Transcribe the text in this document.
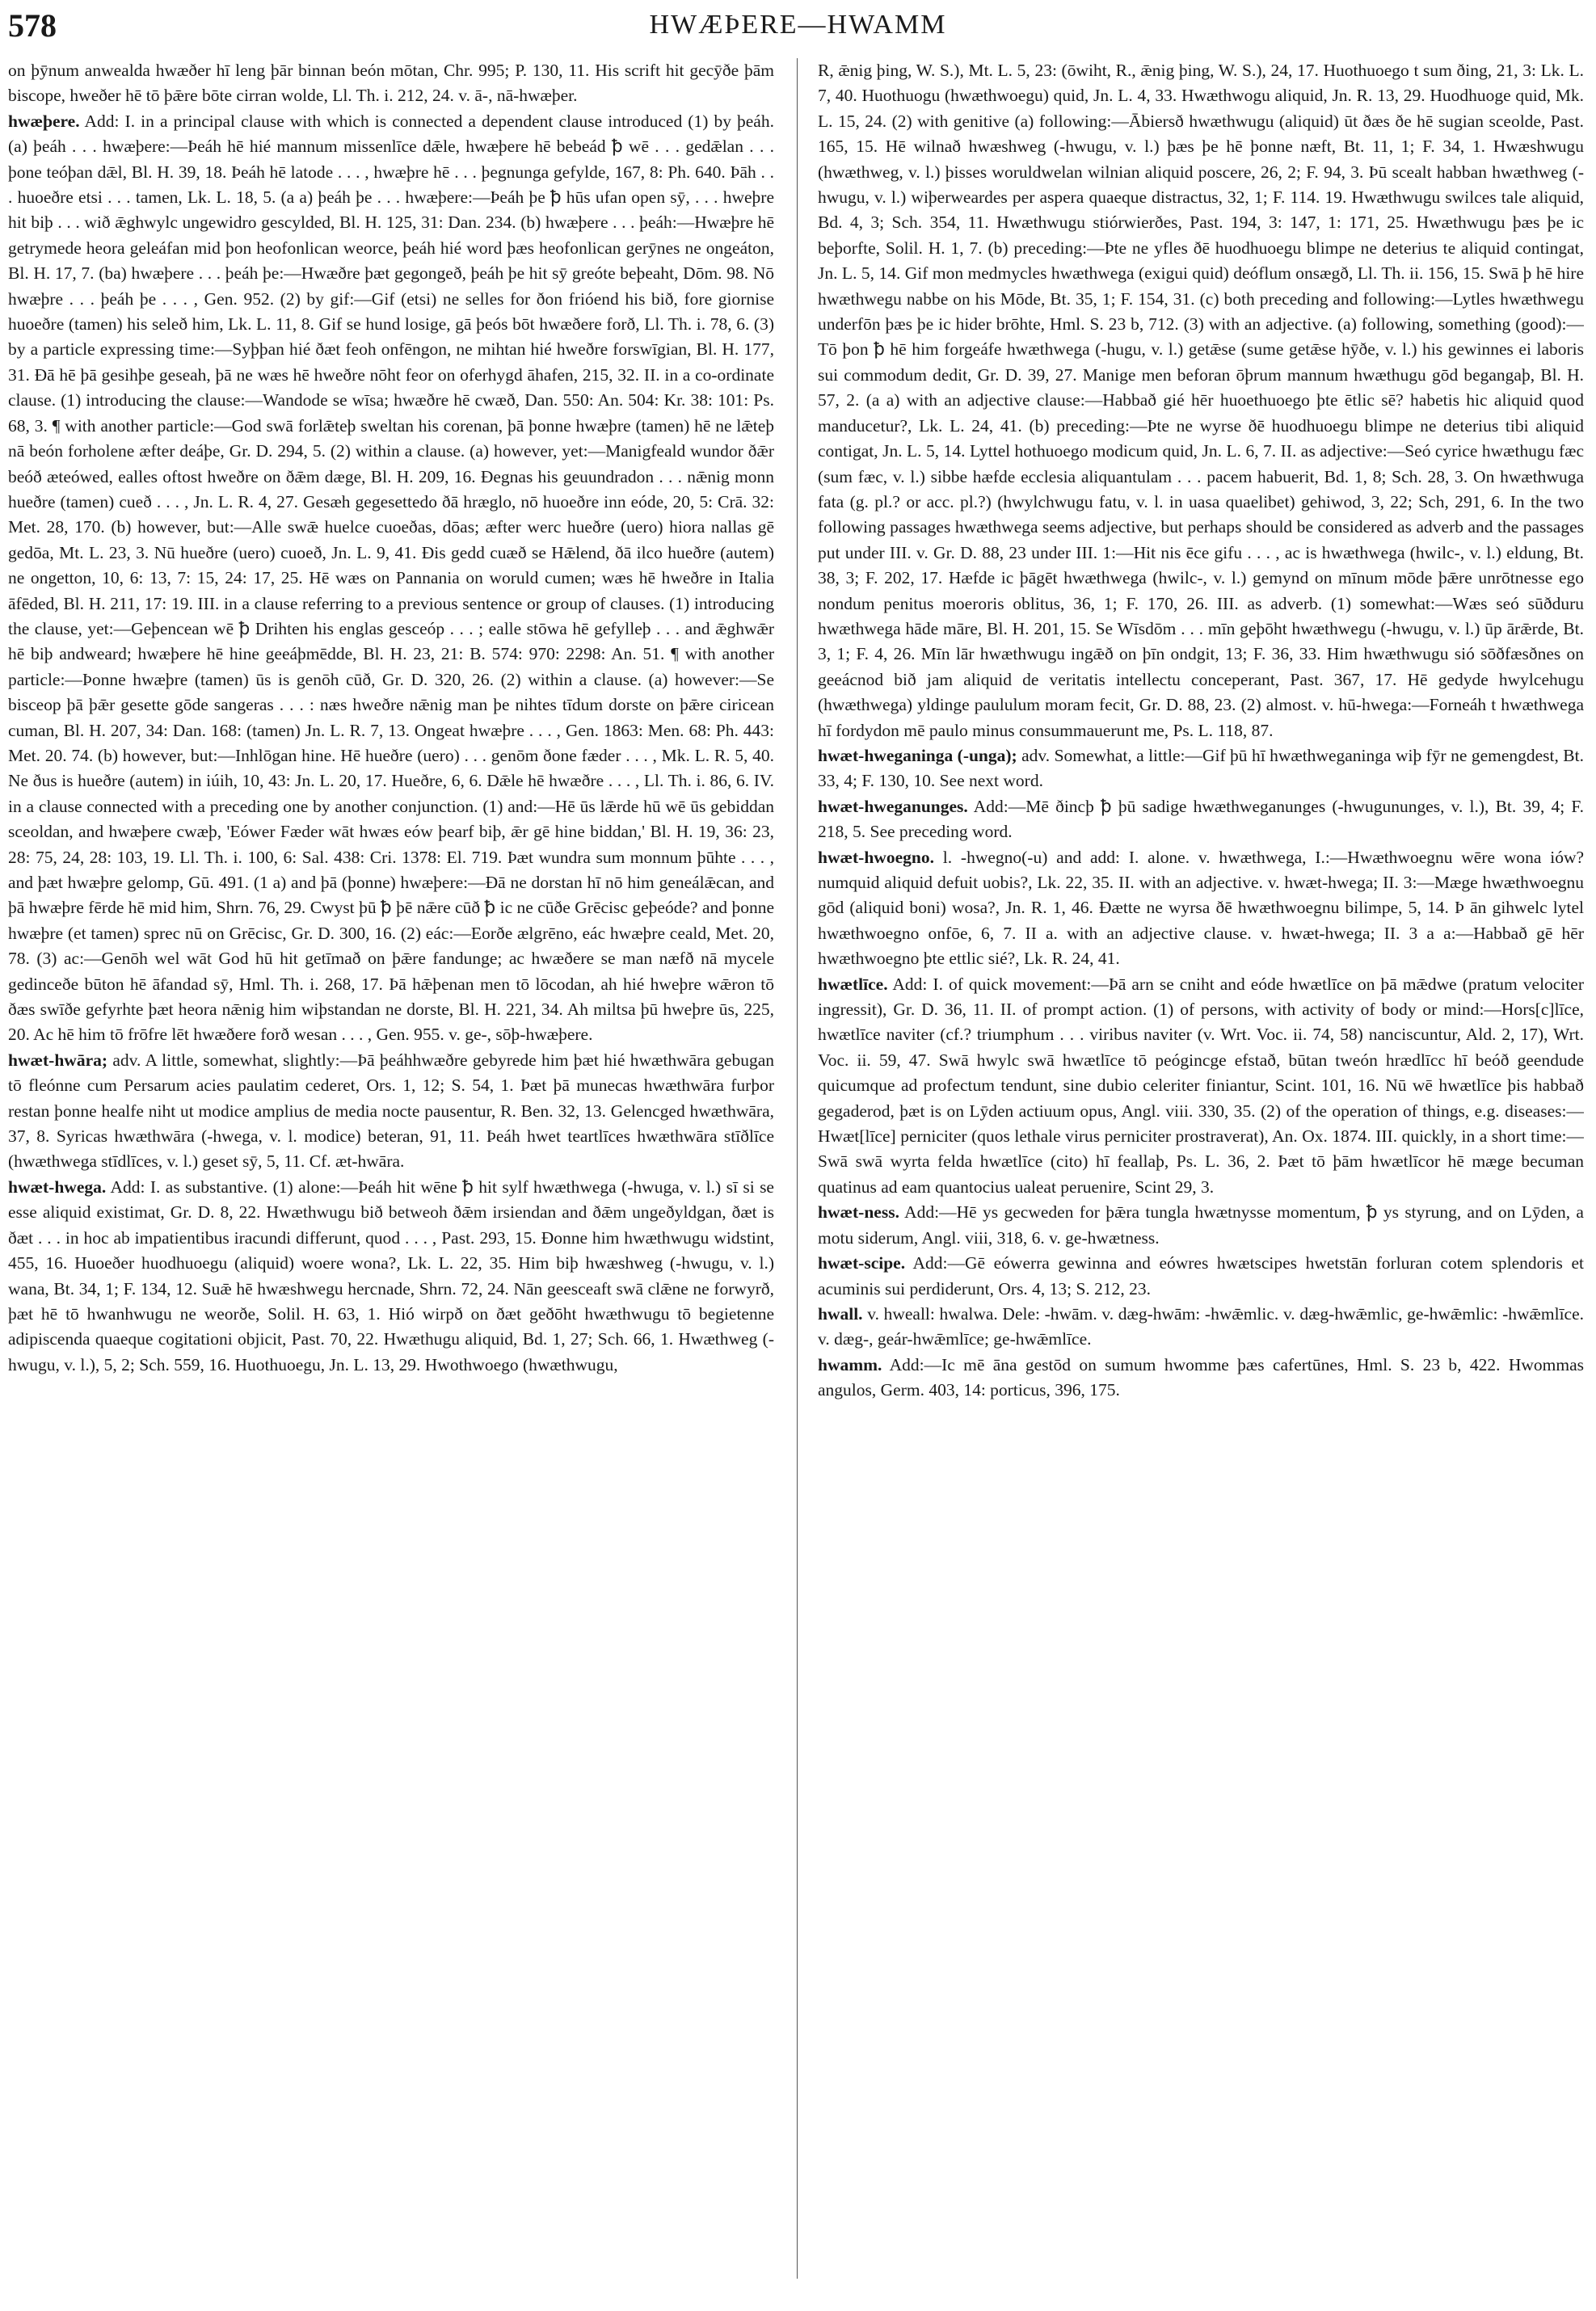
578	HWÆÞERE—HWAMM

on þȳnum anwealda hwæðer hī leng þār binnan beón mōtan, Chr. 995; P. 130, 11. His scrift hit gecȳðe þām biscope, hweðer hē tō þǣre bōte cirran wolde, Ll. Th. i. 212, 24. v. ā-, nā-hwæþer.

hwæþere. Add: I. in a principal clause with which is connected a dependent clause introduced (1) by þeáh. (a) þeáh . . . hwæþere:—Þeáh hē hié mannum missenlīce dǣle, hwæþere hē bebeád ꝥ wē . . . gedǣlan . . . þone teóþan dǣl, Bl. H. 39, 18. Þeáh hē latode . . . , hwæþre hē . . . þegnunga gefylde, 167, 8: Ph. 640. Þāh . . . huoeðre etsi . . . tamen, Lk. L. 18, 5. (a a) þeáh þe . . . hwæþere:—Þeáh þe ꝥ hūs ufan open sȳ, . . . hweþre hit biþ . . . wið ǣghwylc ungewidro gescylded, Bl. H. 125, 31: Dan. 234. (b) hwæþere . . . þeáh:—Hwæþre hē getrymede heora geleáfan mid þon heofonlican weorce, þeáh hié word þæs heofonlican gerȳnes ne ongeáton, Bl. H. 17, 7. (ba) hwæþere . . . þeáh þe:—Hwæðre þæt gegongeð, þeáh þe hit sȳ greóte beþeaht, Dōm. 98. Nō hwæþre . . . þeáh þe . . . , Gen. 952. (2) by gif:—Gif (etsi) ne selles for ðon frióend his bið, fore giornise huoeðre (tamen) his seleð him, Lk. L. 11, 8. Gif se hund losige, gā þeós bōt hwæðere forð, Ll. Th. i. 78, 6. (3) by a particle expressing time:—Syþþan hié ðæt feoh onfēngon, ne mihtan hié hweðre forswīgian, Bl. H. 177, 31. Ðā hē þā gesihþe geseah, þā ne wæs hē hweðre nōht feor on oferhygd āhafen, 215, 32. II. in a co-ordinate clause. (1) introducing the clause:—Wandode se wīsa; hwæðre hē cwæð, Dan. 550: An. 504: Kr. 38: 101: Ps. 68, 3. ¶ with another particle:—God swā forlǣteþ sweltan his corenan, þā þonne hwæþre (tamen) hē ne lǣteþ nā beón forholene æfter deáþe, Gr. D. 294, 5. (2) within a clause. (a) however, yet:—Manigfeald wundor ðǣr beóð æteówed, ealles oftost hweðre on ðǣm dæge, Bl. H. 209, 16. Ðegnas his geuundradon . . . nǣnig monn hueðre (tamen) cueð . . . , Jn. L. R. 4, 27. Gesæh gegesettedo ðā hræglo, nō huoeðre inn eóde, 20, 5: Crā. 32: Met. 28, 170. (b) however, but:—Alle swǣ huelce cuoeðas, dōas; æfter werc hueðre (uero) hiora nallas gē gedōa, Mt. L. 23, 3. Nū hueðre (uero) cuoeð, Jn. L. 9, 41. Ðis gedd cuæð se Hǣlend, ðā ilco hueðre (autem) ne ongetton, 10, 6: 13, 7: 15, 24: 17, 25. Hē wæs on Pannania on woruld cumen; wæs hē hweðre in Italia āfēded, Bl. H. 211, 17: 19. III. in a clause referring to a previous sentence or group of clauses. (1) introducing the clause, yet:—Geþencean wē ꝥ Drihten his englas gesceóp . . . ; ealle stōwa hē gefylleþ . . . and ǣghwǣr hē biþ andweard; hwæþere hē hine geeáþmēdde, Bl. H. 23, 21: B. 574: 970: 2298: An. 51. ¶ with another particle:—Þonne hwæþre (tamen) ūs is genōh cūð, Gr. D. 320, 26. (2) within a clause. (a) however:—Se bisceop þā þǣr gesette gōde sangeras . . . : næs hweðre nǣnig man þe nihtes tīdum dorste on þǣre ciricean cuman, Bl. H. 207, 34: Dan. 168: (tamen) Jn. L. R. 7, 13. Ongeat hwæþre . . . , Gen. 1863: Men. 68: Ph. 443: Met. 20. 74. (b) however, but:—Inhlōgan hine. Hē hueðre (uero) . . . genōm ðone fæder . . . , Mk. L. R. 5, 40. Ne ðus is hueðre (autem) in iúih, 10, 43: Jn. L. 20, 17. Hueðre, 6, 6. Dǣle hē hwæðre . . . , Ll. Th. i. 86, 6. IV. in a clause connected with a preceding one by another conjunction. (1) and:—Hē ūs lǣrde hū wē ūs gebiddan sceoldan, and hwæþere cwæþ, 'Eówer Fæder wāt hwæs eów þearf biþ, ǣr gē hine biddan,' Bl. H. 19, 36: 23, 28: 75, 24, 28: 103, 19. Ll. Th. i. 100, 6: Sal. 438: Cri. 1378: El. 719. Þæt wundra sum monnum þūhte . . . , and þæt hwæþre gelomp, Gū. 491. (1 a) and þā (þonne) hwæþere:—Ðā ne dorstan hī nō him geneálǣcan, and þā hwæþre fērde hē mid him, Shrn. 76, 29. Cwyst þū ꝥ þē nǣre cūð ꝥ ic ne cūðe Grēcisc geþeóde? and þonne hwæþre (et tamen) sprec nū on Grēcisc, Gr. D. 300, 16. (2) eác:—Eorðe ælgrēno, eác hwæþre ceald, Met. 20, 78. (3) ac:—Genōh wel wāt God hū hit getīmað on þǣre fandunge; ac hwæðere se man næfð nā mycele gedinceðe būton hē āfandad sȳ, Hml. Th. i. 268, 17. Þā hǣþenan men tō lōcodan, ah hié hweþre wǣron tō ðæs swīðe gefyrhte þæt heora nǣnig him wiþstandan ne dorste, Bl. H. 221, 34. Ah miltsa þū hweþre ūs, 225, 20. Ac hē him tō frōfre lēt hwæðere forð wesan . . . , Gen. 955. v. ge-, sōþ-hwæþere.

hwæt-hwāra; adv. A little, somewhat, slightly:—Þā þeáhhwæðre gebyrede him þæt hié hwæthwāra gebugan tō fleónne cum Persarum acies paulatim cederet, Ors. 1, 12; S. 54, 1. Þæt þā munecas hwæthwāra furþor restan þonne healfe niht ut modice amplius de media nocte pausentur, R. Ben. 32, 13. Gelencged hwæthwāra, 37, 8. Syricas hwæthwāra (-hwega, v. l. modice) beteran, 91, 11. Þeáh hwet teartlīces hwæthwāra stīðlīce (hwæthwega stīdlīces, v. l.) geset sȳ, 5, 11. Cf. æt-hwāra.

hwæt-hwega. Add: I. as substantive. (1) alone:—Þeáh hit wēne ꝥ hit sylf hwæthwega (-hwuga, v. l.) sī si se esse aliquid existimat, Gr. D. 8, 22. Hwæthwugu bið betweoh ðǣm irsiendan and ðǣm ungeðyldgan, ðæt is ðæt . . . in hoc ab impatientibus iracundi differunt, quod . . . , Past. 293, 15. Ðonne him hwæthwugu widstint, 455, 16. Huoeðer huodhuoegu (aliquid) woere wona?, Lk. L. 22, 35. Him biþ hwæshweg (-hwugu, v. l.) wana, Bt. 34, 1; F. 134, 12. Suǣ hē hwæshwegu hercnade, Shrn. 72, 24. Nān geesceaft swā clǣne ne forwyrð, þæt hē tō hwanhwugu ne weorðe, Solil. H. 63, 1. Hió wirpð on ðæt geðōht hwæthwugu tō begietenne adipiscenda quaeque cogitationi objicit, Past. 70, 22. Hwæthugu aliquid, Bd. 1, 27; Sch. 66, 1. Hwæthweg (-hwugu, v. l.), 5, 2; Sch. 559, 16. Huothuoegu, Jn. L. 13, 29. Hwothwoego (hwæthwugu,

R, ǣnig þing, W. S.), Mt. L. 5, 23: (ōwiht, R., ǣnig þing, W. S.), 24, 17. Huothuoego t sum ðing, 21, 3: Lk. L. 7, 40. Huothuogu (hwæthwoegu) quid, Jn. L. 4, 33. Hwæthwogu aliquid, Jn. R. 13, 29. Huodhuoge quid, Mk. L. 15, 24. (2) with genitive (a) following:—Ābiersð hwæthwugu (aliquid) ūt ðæs ðe hē sugian sceolde, Past. 165, 15. Hē wilnað hwæshweg (-hwugu, v. l.) þæs þe hē þonne næft, Bt. 11, 1; F. 34, 1. Hwæshwugu (hwæthweg, v. l.) þisses woruldwelan wilnian aliquid poscere, 26, 2; F. 94, 3. Þū scealt habban hwæthweg (-hwugu, v. l.) wiþerweardes per aspera quaeque distractus, 32, 1; F. 114. 19. Hwæthwugu swilces tale aliquid, Bd. 4, 3; Sch. 354, 11. Hwæthwugu stiórwierðes, Past. 194, 3: 147, 1: 171, 25. Hwæthwugu þæs þe ic beþorfte, Solil. H. 1, 7. (b) preceding:—Þte ne yfles ðē huodhuoegu blimpe ne deterius te aliquid contingat, Jn. L. 5, 14. Gif mon medmycles hwæthwega (exigui quid) deóflum onsægð, Ll. Th. ii. 156, 15. Swā þ hē hire hwæthwegu nabbe on his Mōde, Bt. 35, 1; F. 154, 31. (c) both preceding and following:—Lytles hwæthwegu underfōn þæs þe ic hider brōhte, Hml. S. 23 b, 712. (3) with an adjective. (a) following, something (good):—Tō þon ꝥ hē him forgeáfe hwæthwega (-hugu, v. l.) getǣse (sume getǣse hȳðe, v. l.) his gewinnes ei laboris sui commodum dedit, Gr. D. 39, 27. Manige men beforan ōþrum mannum hwæthugu gōd begangaþ, Bl. H. 57, 2. (a a) with an adjective clause:—Habbað gié hēr huoethuoego þte ētlic sē? habetis hic aliquid quod manducetur?, Lk. L. 24, 41. (b) preceding:—Þte ne wyrse ðē huodhuoegu blimpe ne deterius tibi aliquid contigat, Jn. L. 5, 14. Lyttel hothuoego modicum quid, Jn. L. 6, 7. II. as adjective:—Seó cyrice hwæthugu fæc (sum fæc, v. l.) sibbe hæfde ecclesia aliquantulam . . . pacem habuerit, Bd. 1, 8; Sch. 28, 3. On hwæthwuga fata (g. pl.? or acc. pl.?) (hwylchwugu fatu, v. l. in uasa quaelibet) gehiwod, 3, 22; Sch, 291, 6. In the two following passages hwæthwega seems adjective, but perhaps should be considered as adverb and the passages put under III. v. Gr. D. 88, 23 under III. 1:—Hit nis ēce gifu . . . , ac is hwæthwega (hwilc-, v. l.) eldung, Bt. 38, 3; F. 202, 17. Hæfde ic þāgēt hwæthwega (hwilc-, v. l.) gemynd on mīnum mōde þǣre unrōtnesse ego nondum penitus moeroris oblitus, 36, 1; F. 170, 26. III. as adverb. (1) somewhat:—Wæs seó sūðduru hwæthwega hāde māre, Bl. H. 201, 15. Se Wīsdōm . . . mīn geþōht hwæthwegu (-hwugu, v. l.) ūp ārǣrde, Bt. 3, 1; F. 4, 26. Mīn lār hwæthwugu ingǣð on þīn ondgit, 13; F. 36, 33. Him hwæthwugu sió sōðfæsðnes on geeácnod bið jam aliquid de veritatis intellectu conceperant, Past. 367, 17. Hē gedyde hwylcehugu (hwæthwega) yldinge paululum moram fecit, Gr. D. 88, 23. (2) almost. v. hū-hwega:—Forneáh t hwæthwega hī fordydon mē paulo minus consummauerunt me, Ps. L. 118, 87.

hwæt-hweganinga (-unga); adv. Somewhat, a little:—Gif þū hī hwæthweganinga wiþ fȳr ne gemengdest, Bt. 33, 4; F. 130, 10. See next word.

hwæt-hweganunges. Add:—Mē ðincþ ꝥ þū sadige hwæthweganunges (-hwugununges, v. l.), Bt. 39, 4; F. 218, 5. See preceding word.

hwæt-hwoegno. l. -hwegno(-u) and add: I. alone. v. hwæthwega, I.:—Hwæthwoegnu wēre wona iów? numquid aliquid defuit uobis?, Lk. 22, 35. II. with an adjective. v. hwæt-hwega; II. 3:—Mæge hwæthwoegnu gōd (aliquid boni) wosa?, Jn. R. 1, 46. Ðætte ne wyrsa ðē hwæthwoegnu bilimpe, 5, 14. Þ ān gihwelc lytel hwæthwoegno onfōe, 6, 7. II a. with an adjective clause. v. hwæt-hwega; II. 3 a a:—Habbað gē hēr hwæthwoegno þte ettlic sié?, Lk. R. 24, 41.

hwætlīce. Add: I. of quick movement:—Þā arn se cniht and eóde hwætlīce on þā mǣdwe (pratum velociter ingressit), Gr. D. 36, 11. II. of prompt action. (1) of persons, with activity of body or mind:—Hors[c]līce, hwætlīce naviter (cf.? triumphum . . . viribus naviter (v. Wrt. Voc. ii. 74, 58) nanciscuntur, Ald. 2, 17), Wrt. Voc. ii. 59, 47. Swā hwylc swā hwætlīce tō peógincge efstað, būtan tweón hrædlīcc hī beóð geendude quicumque ad profectum tendunt, sine dubio celeriter finiantur, Scint. 101, 16. Nū wē hwætlīce þis habbað gegaderod, þæt is on Lȳden actiuum opus, Angl. viii. 330, 35. (2) of the operation of things, e.g. diseases:—Hwæt[līce] perniciter (quos lethale virus perniciter prostraverat), An. Ox. 1874. III. quickly, in a short time:—Swā swā wyrta felda hwætlīce (cito) hī feallaþ, Ps. L. 36, 2. Þæt tō þām hwætlīcor hē mæge becuman quatinus ad eam quantocius ualeat peruenire, Scint 29, 3.

hwæt-ness. Add:—Hē ys gecweden for þǣra tungla hwætnysse momentum, ꝥ ys styrung, and on Lȳden, a motu siderum, Angl. viii, 318, 6. v. ge-hwætness.

hwæt-scipe. Add:—Gē eówerra gewinna and eówres hwætscipes hwetstān forluran cotem splendoris et acuminis sui perdiderunt, Ors. 4, 13; S. 212, 23.

hwall. v. hweall: hwalwa. Dele: -hwām. v. dæg-hwām: -hwǣmlic. v. dæg-hwǣmlic, ge-hwǣmlic: -hwǣmlīce. v. dæg-, geár-hwǣmlīce; ge-hwǣmlīce.

hwamm. Add:—Ic mē āna gestōd on sumum hwomme þæs cafertūnes, Hml. S. 23 b, 422. Hwommas angulos, Germ. 403, 14: porticus, 396, 175.
